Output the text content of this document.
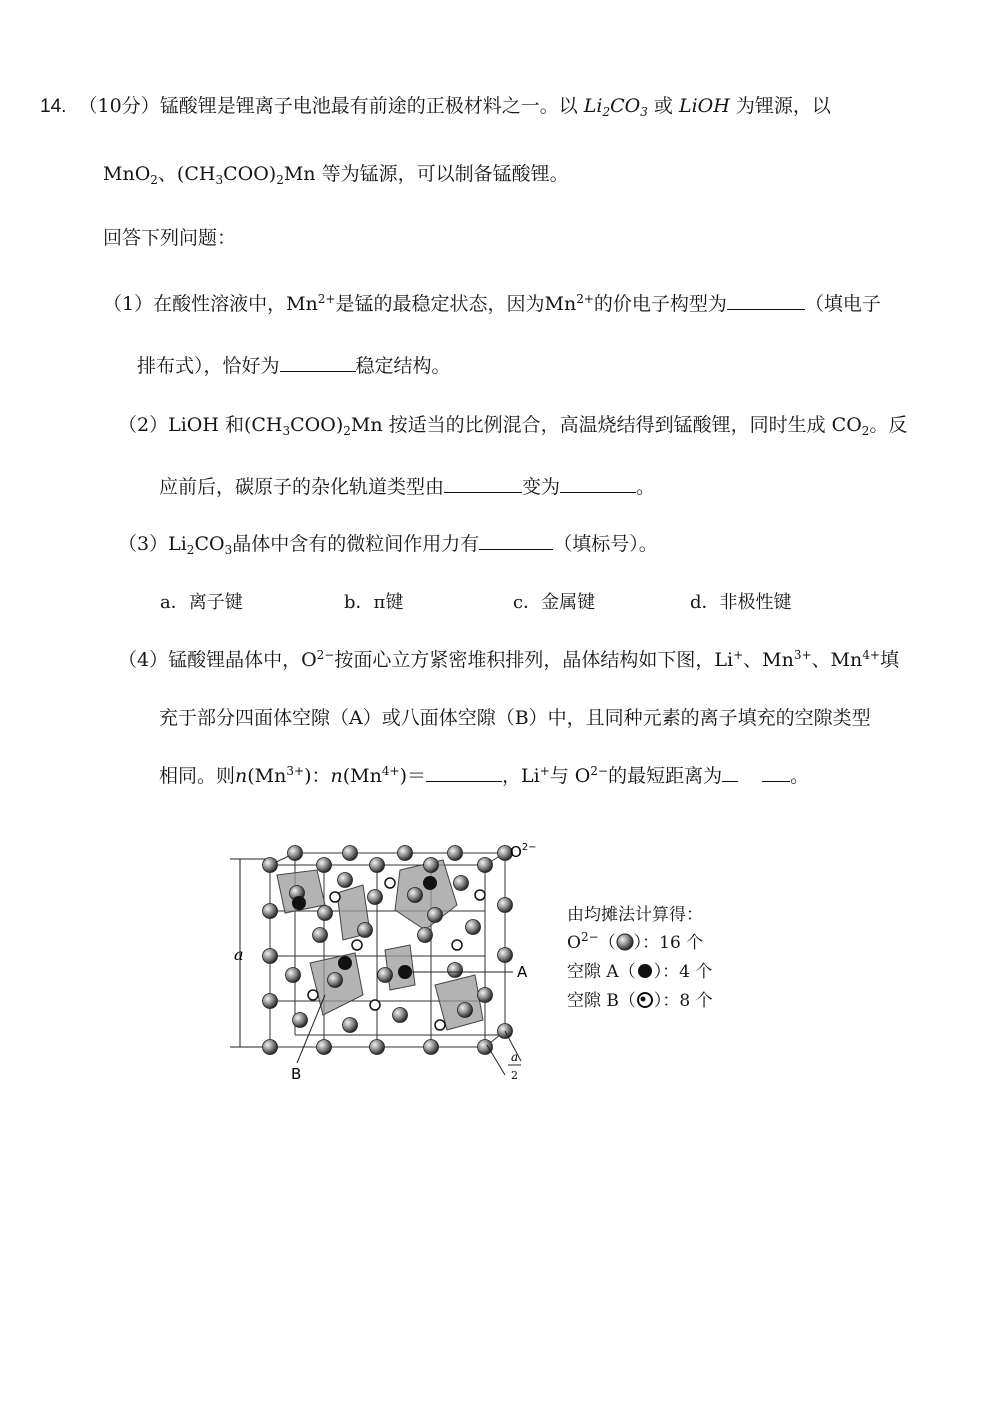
14. （10分）锰酸锂是锂离子电池最有前途的正极材料之一。以 $Li_2CO_3$ 或 LiOH 为锂源，以
MnO$_2$、$(CH_3COO)_2Mn$ 等为锰源，可以制备锰酸锂。
回答下列问题：
（1）在酸性溶液中，$Mn^{2+}$是锰的最稳定状态，因为$Mn^{2+}$的价电子构型为	（填电子
排布式），恰好为	稳定结构。
（2）LiOH 和$(CH_3COO)_2Mn$ 按适当的比例混合，高温烧结得到锰酸锂，同时生成 $CO_2$。反
应前后，碳原子的杂化轨道类型由	变为	。
$(3)Li_2CO_3$晶体中含有的微粒间作用力有	（填标号）。
a．离子键	b．π键	c．金属键	d．非极性键
（4）锰酸锂晶体中，$O^{2-}$按面心立方紧密堆积排列，晶体结构如下图，Li+、$Mn^{3+}$、$Mn^{4+}$填
充于部分四面体空隙（A）或八面体空隙（B）中，且同种元素的离子填充的空隙类型
相同。则$n(Mn^{3+})$：$n(Mn^{4+})=$	，Li+与 $O^{2-}$的最短距离为	。
a
A
B
$O^{2-}$
a
2
由均摊法计算得：
$O^{2-}$（ ）：16 个
空隙 A（ ）：4 个
空隙 B（ ）：8 个
